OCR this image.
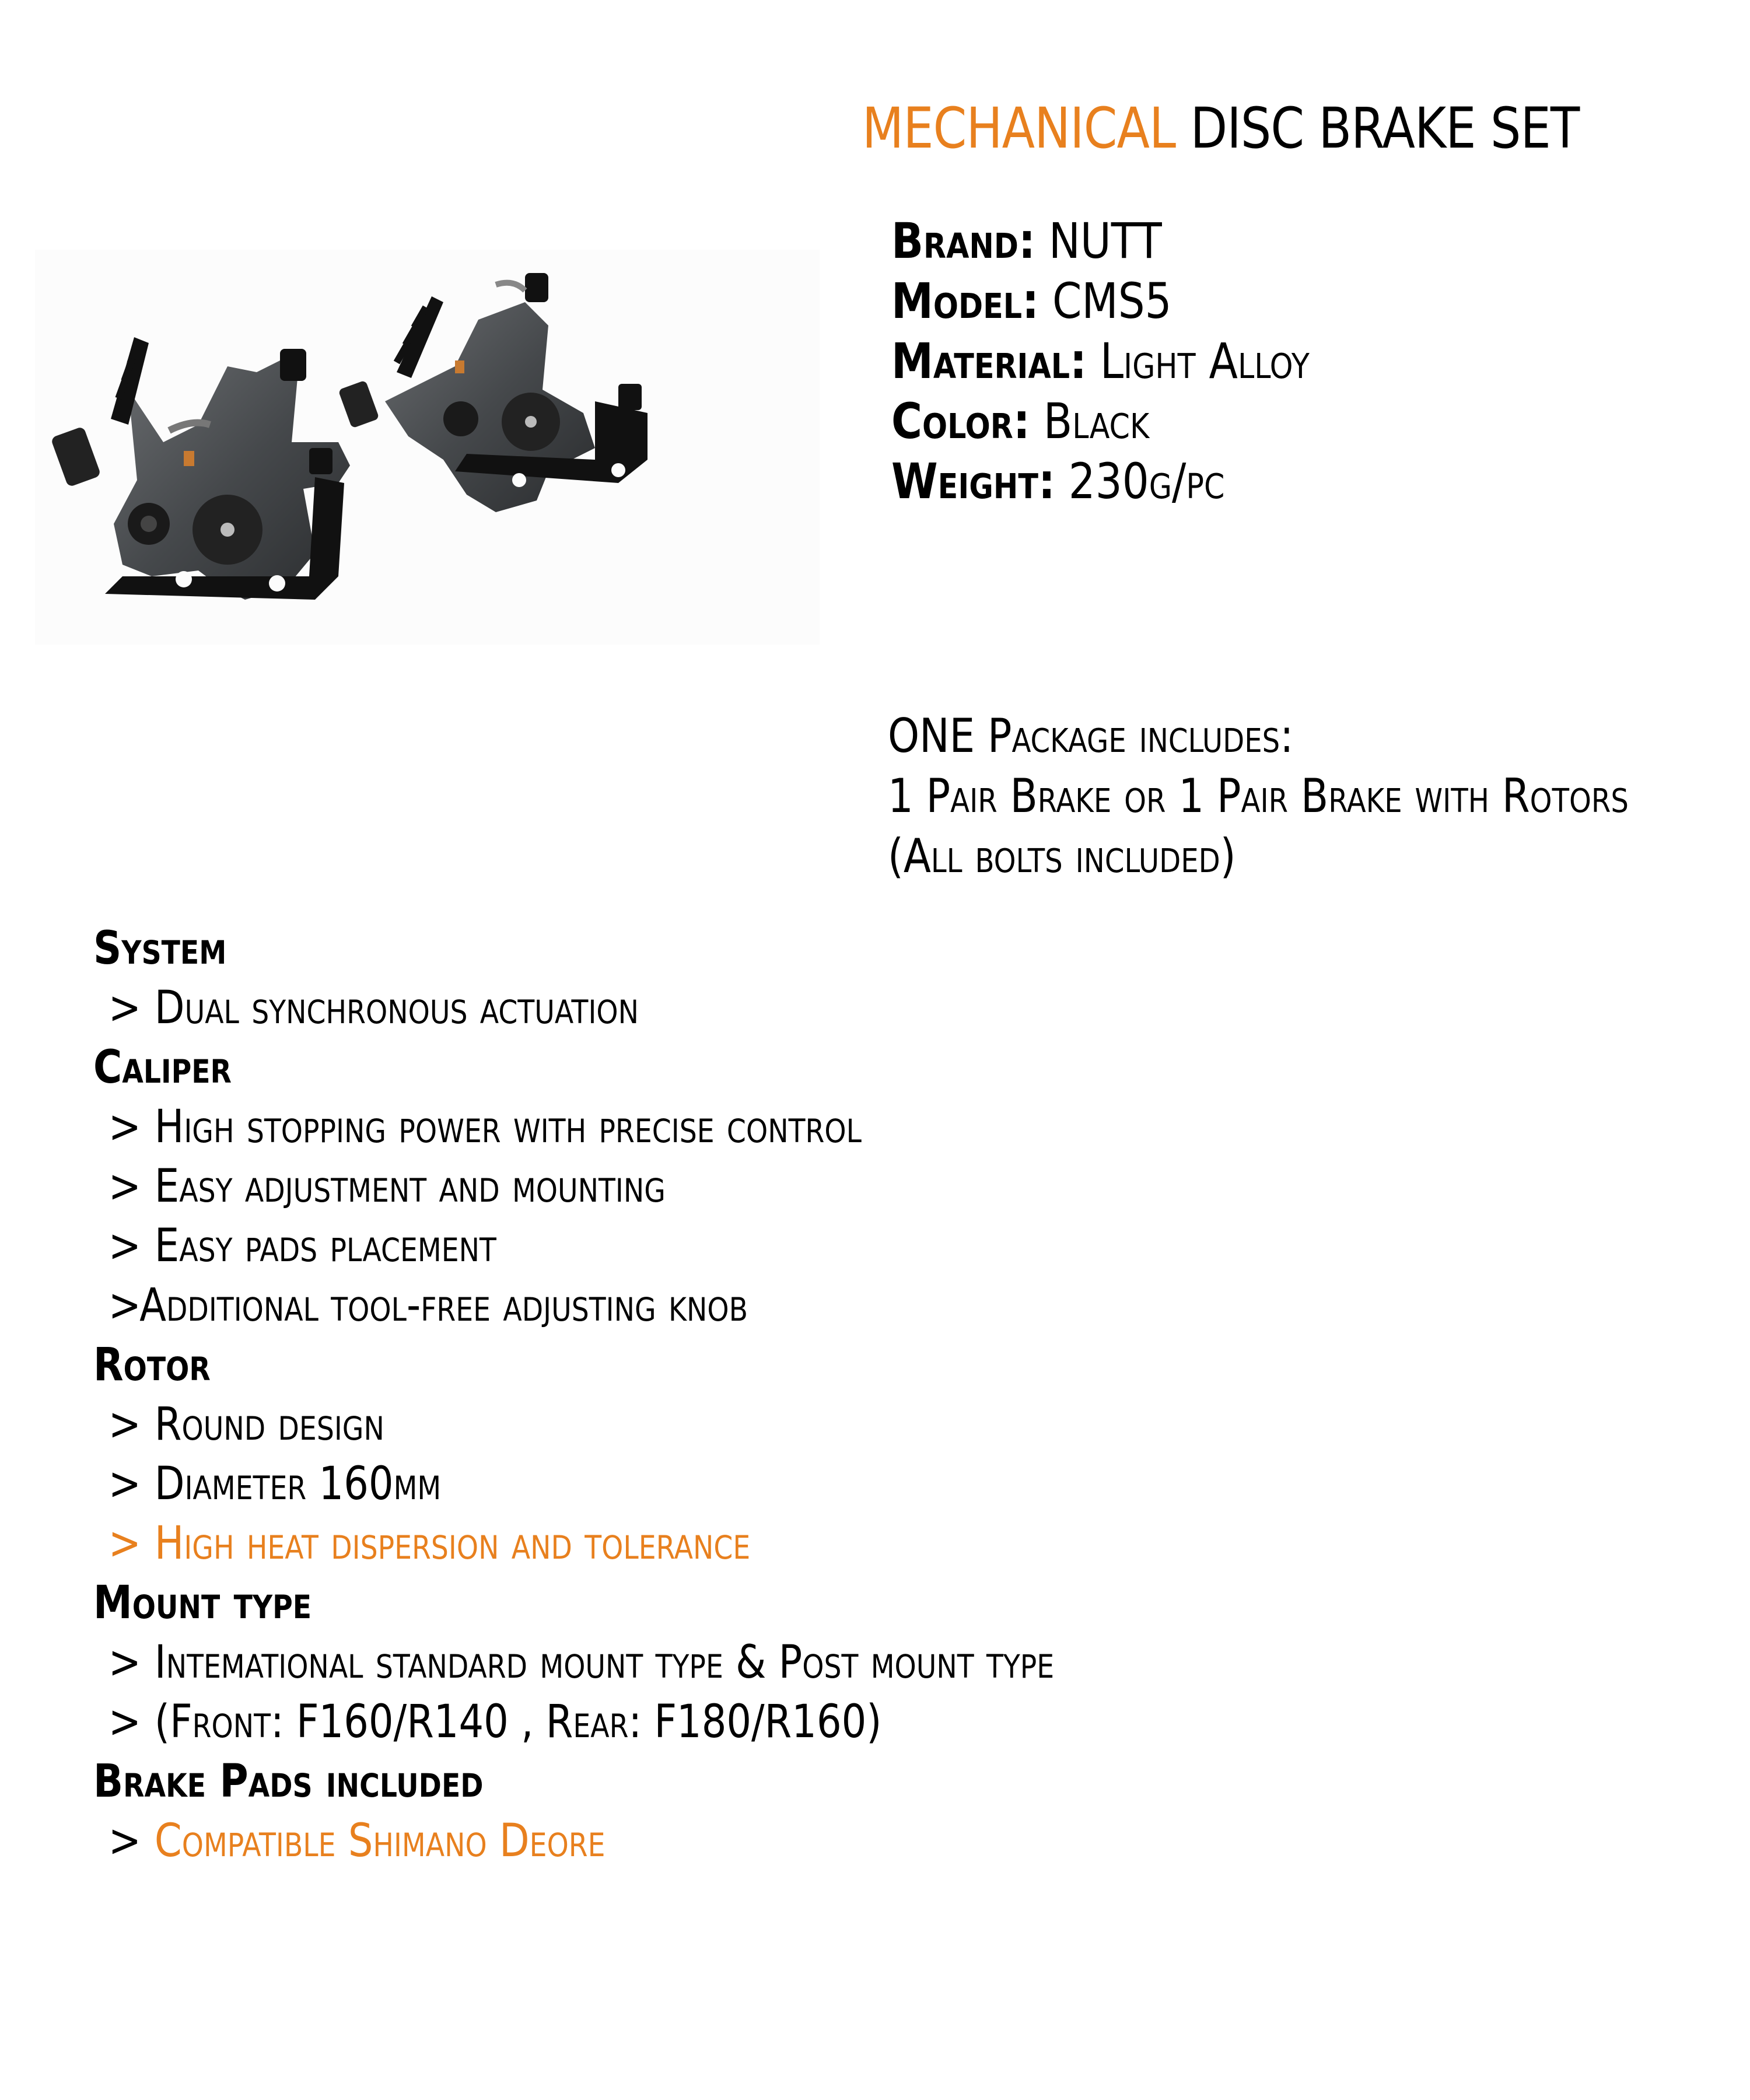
MECHANICAL DISC BRAKE SET
Brand: NUTT
Model: CMS5
Material: Light Alloy
Color: Black
Weight: 230g/pc
ONE Package includes:
1 Pair Brake or 1 Pair Brake with Rotors
(All bolts included)
System
> Dual synchronous actuation
Caliper
> High stopping power with precise control
> Easy adjustment and mounting
> Easy pads placement
>Additional tool-free adjusting knob
Rotor
> Round design
> Diameter 160mm
> High heat dispersion and tolerance
Mount type
> Intemational standard mount type & Post mount type
> (Front: F160/R140 , Rear: F180/R160)
Brake Pads included
> Compatible Shimano Deore
